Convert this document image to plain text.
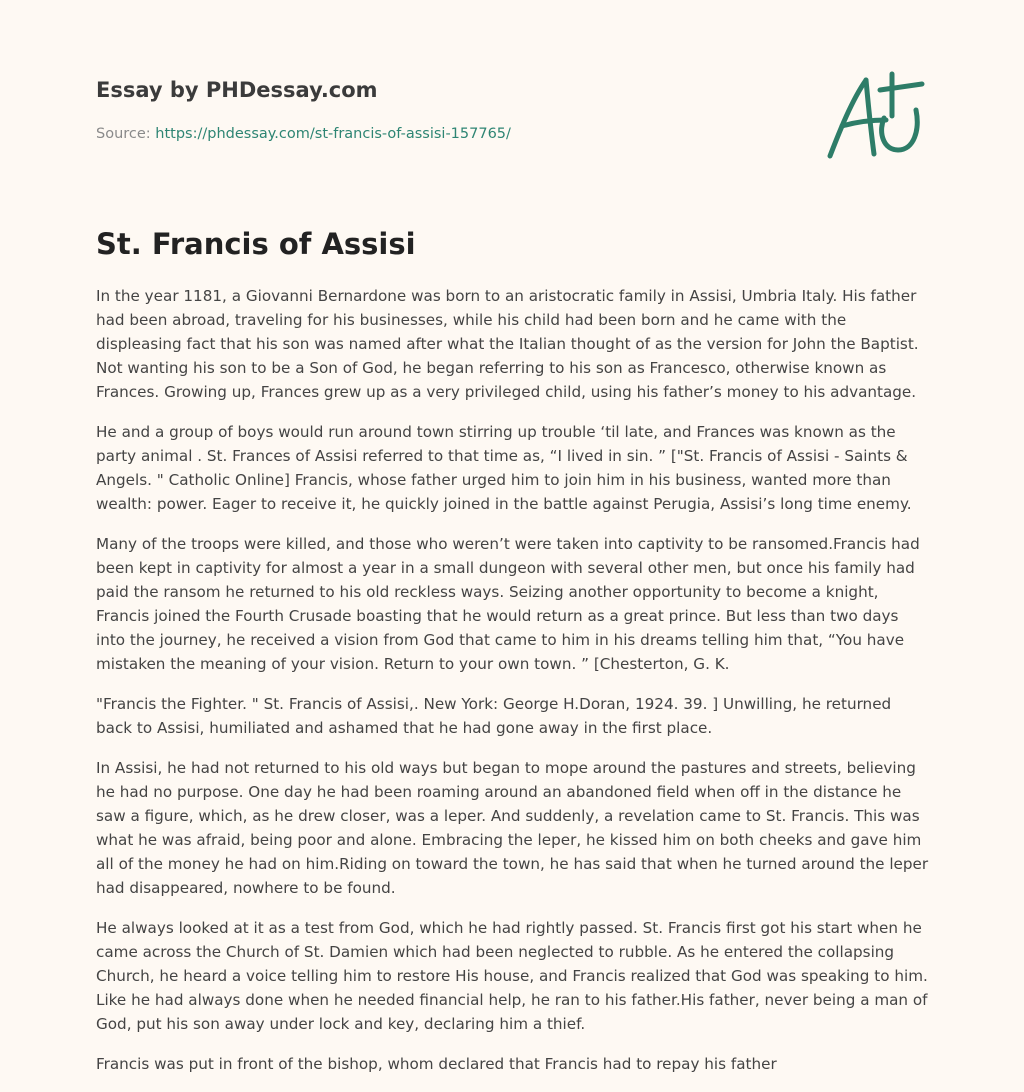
Essay by PHDessay.com
Source: https://phdessay.com/st-francis-of-assisi-157765/
St. Francis of Assisi

In the year 1181, a Giovanni Bernardone was born to an aristocratic family in Assisi, Umbria Italy. His father had been abroad, traveling for his businesses, while his child had been born and he came with the displeasing fact that his son was named after what the Italian thought of as the version for John the Baptist. Not wanting his son to be a Son of God, he began referring to his son as Francesco, otherwise known as Frances. Growing up, Frances grew up as a very privileged child, using his father’s money to his advantage.

He and a group of boys would run around town stirring up trouble ‘til late, and Frances was known as the party animal . St. Frances of Assisi referred to that time as, “I lived in sin. ” ["St. Francis of Assisi - Saints & Angels. " Catholic Online] Francis, whose father urged him to join him in his business, wanted more than wealth: power. Eager to receive it, he quickly joined in the battle against Perugia, Assisi’s long time enemy.

Many of the troops were killed, and those who weren’t were taken into captivity to be ransomed.Francis had been kept in captivity for almost a year in a small dungeon with several other men, but once his family had paid the ransom he returned to his old reckless ways. Seizing another opportunity to become a knight, Francis joined the Fourth Crusade boasting that he would return as a great prince. But less than two days into the journey, he received a vision from God that came to him in his dreams telling him that, “You have mistaken the meaning of your vision. Return to your own town. ” [Chesterton, G. K.

"Francis the Fighter. " St. Francis of Assisi,. New York: George H.Doran, 1924. 39. ] Unwilling, he returned back to Assisi, humiliated and ashamed that he had gone away in the first place.

In Assisi, he had not returned to his old ways but began to mope around the pastures and streets, believing he had no purpose. One day he had been roaming around an abandoned field when off in the distance he saw a figure, which, as he drew closer, was a leper. And suddenly, a revelation came to St. Francis. This was what he was afraid, being poor and alone. Embracing the leper, he kissed him on both cheeks and gave him all of the money he had on him.Riding on toward the town, he has said that when he turned around the leper had disappeared, nowhere to be found.

He always looked at it as a test from God, which he had rightly passed. St. Francis first got his start when he came across the Church of St. Damien which had been neglected to rubble. As he entered the collapsing Church, he heard a voice telling him to restore His house, and Francis realized that God was speaking to him. Like he had always done when he needed financial help, he ran to his father.His father, never being a man of God, put his son away under lock and key, declaring him a thief.

Francis was put in front of the bishop, whom declared that Francis had to repay his father
